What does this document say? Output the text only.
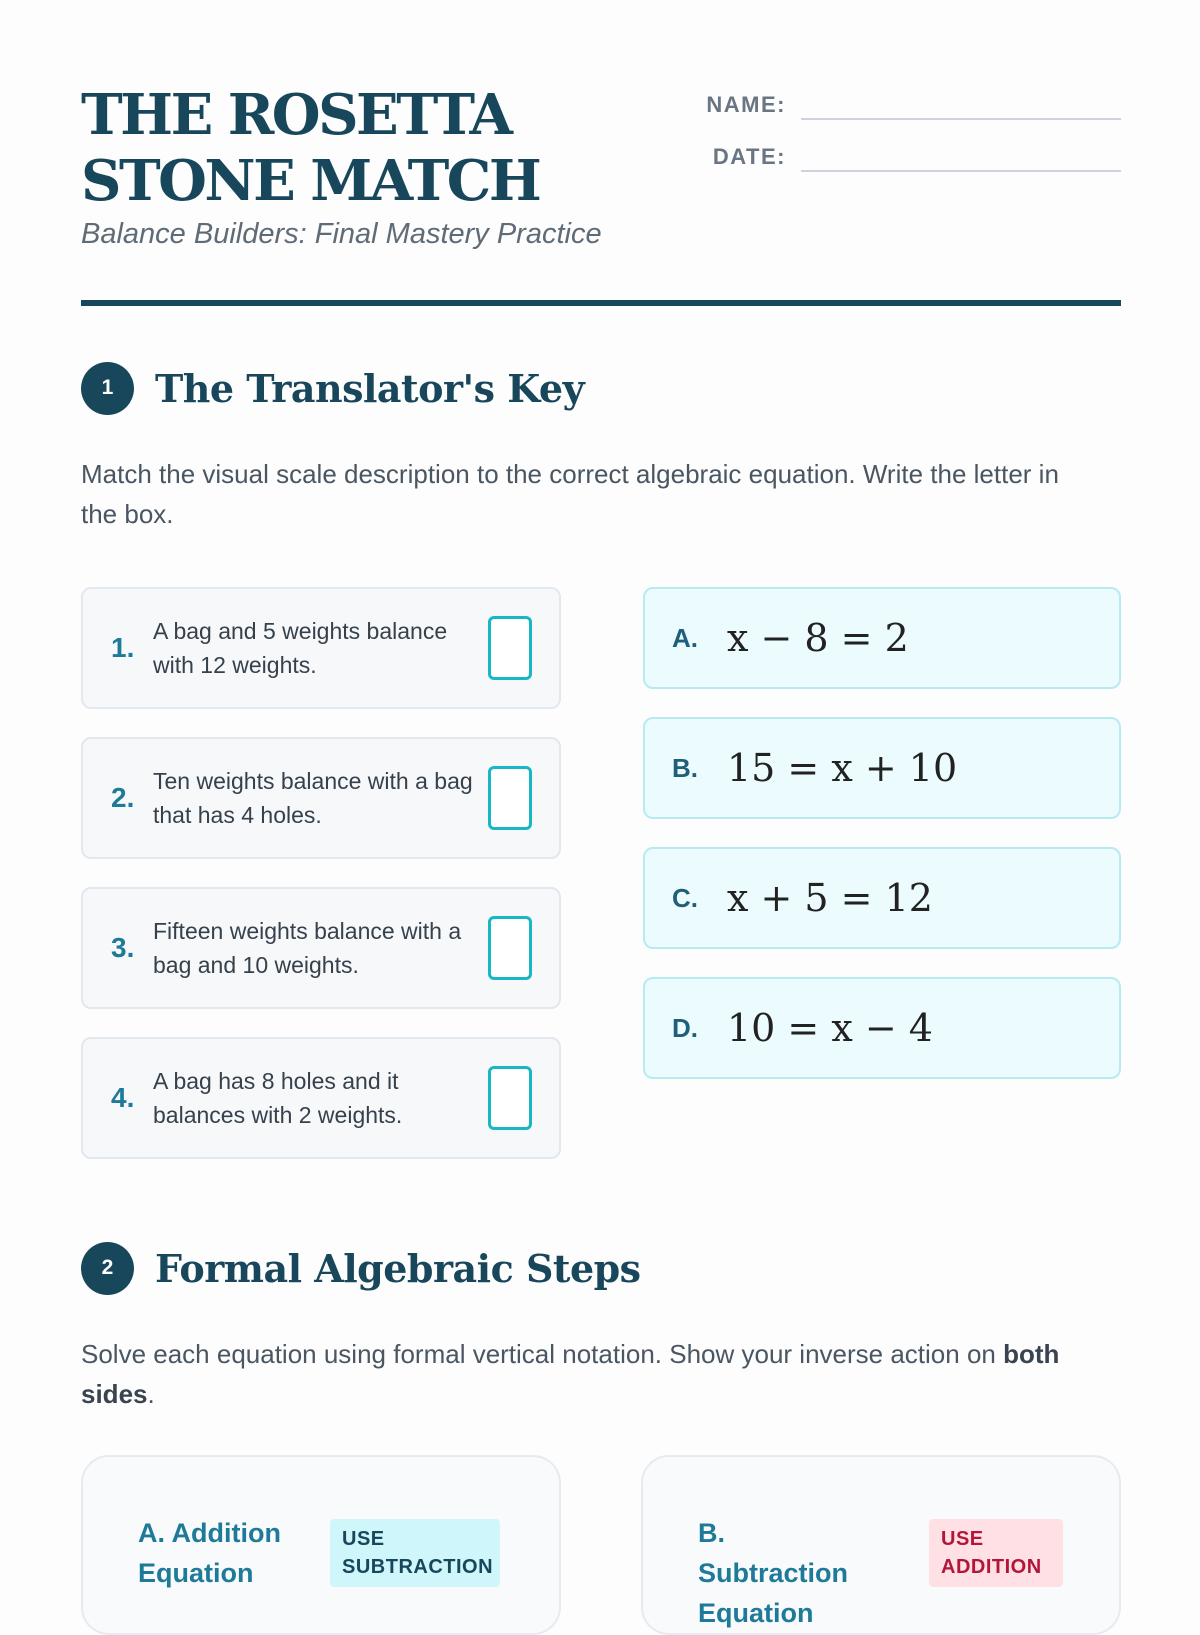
THE ROSETTA STONE MATCH
Balance Builders: Final Mastery Practice
NAME:
DATE:
1	The Translator's Key

Match the visual scale description to the correct algebraic equation. Write the letter in the box.

1.
A bag and 5 weights balance with 12 weights.
2.
Ten weights balance with a bag that has 4 holes.
3.
Fifteen weights balance with a bag and 10 weights.
4.
A bag has 8 holes and it balances with 2 weights.
A. x − 8 = 2
B. 15 = x + 10
C. x + 5 = 12
D. 10 = x − 4
2	Formal Algebraic Steps

Solve each equation using formal vertical notation. Show your inverse action on both sides.

A. Addition Equation
USE SUBTRACTION
B. Subtraction Equation
USE ADDITION
